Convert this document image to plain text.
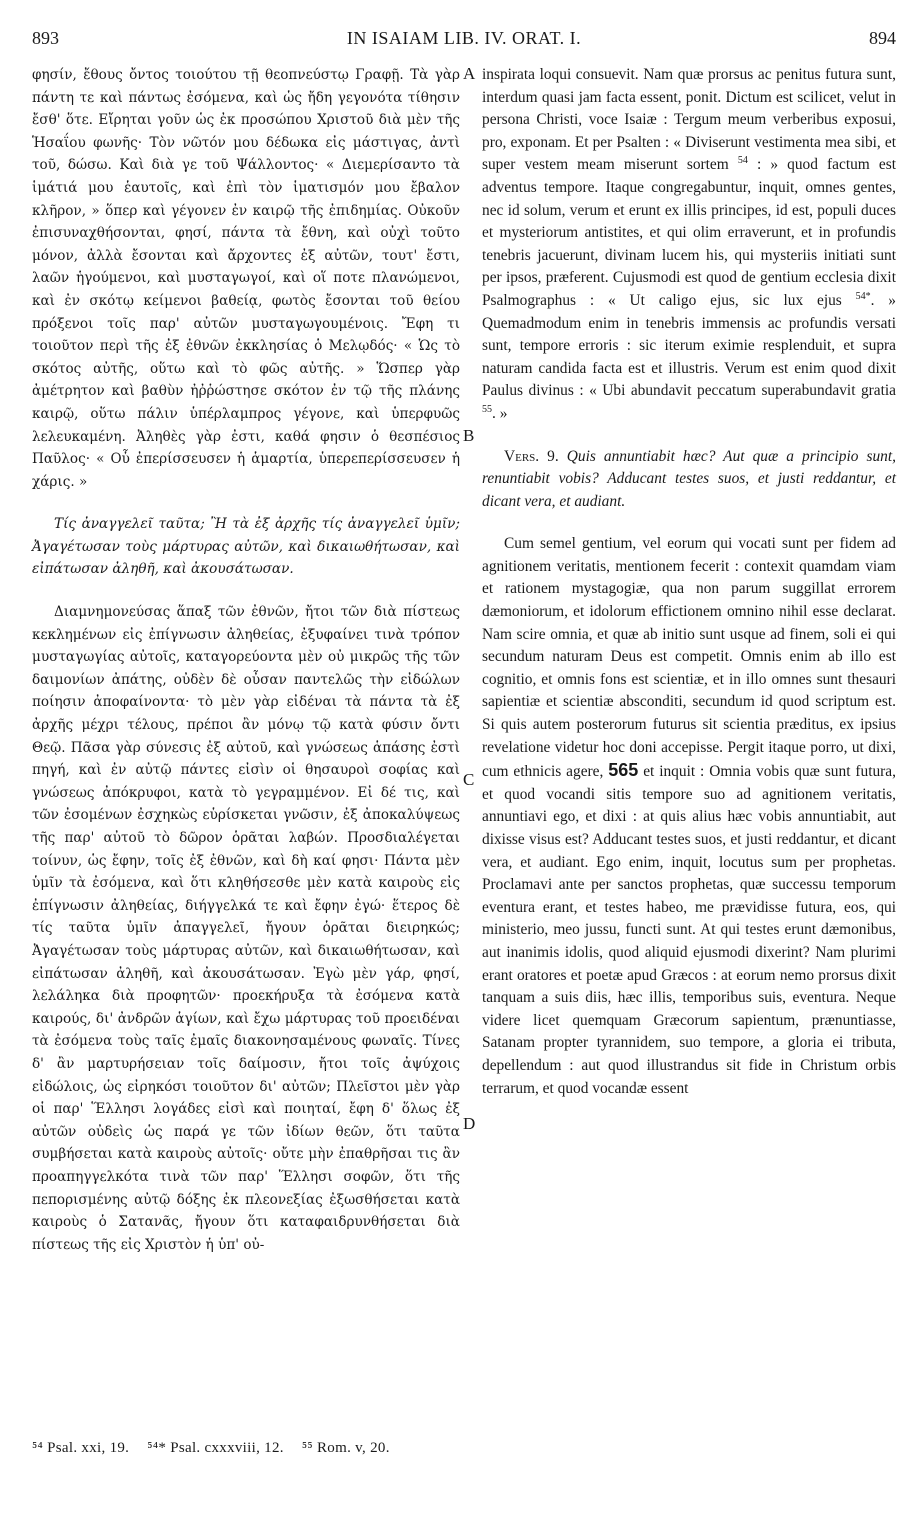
893	IN ISAIAM LIB. IV. ORAT. I.	894
A
B
C
D

φησίν, ἔθους ὄντος τοιούτου τῇ θεοπνεύστῳ Γραφῇ. Τὰ γὰρ πάντη τε καὶ πάντως ἐσόμενα, καὶ ὡς ἤδη γεγονότα τίθησιν ἔσθ' ὅτε. Εἴρηται γοῦν ὡς ἐκ προσώπου Χριστοῦ διὰ μὲν τῆς Ἡσαΐου φωνῆς· Τὸν νῶτόν μου δέδωκα εἰς μάστιγας, ἀντὶ τοῦ, δώσω. Καὶ διὰ γε τοῦ Ψάλλοντος· « Διεμερίσαντο τὰ ἱμάτιά μου ἑαυτοῖς, καὶ ἐπὶ τὸν ἱματισμόν μου ἔβαλον κλῆρον, » ὅπερ καὶ γέγονεν ἐν καιρῷ τῆς ἐπιδημίας. Οὐκοῦν ἐπισυναχθήσονται, φησί, πάντα τὰ ἔθνη, καὶ οὐχὶ τοῦτο μόνον, ἀλλὰ ἔσονται καὶ ἄρχοντες ἐξ αὐτῶν, τουτ' ἔστι, λαῶν ἡγούμενοι, καὶ μυσταγωγοί, καὶ οἵ ποτε πλανώμενοι, καὶ ἐν σκότῳ κείμενοι βαθείᾳ, φωτὸς ἔσονται τοῦ θείου πρόξενοι τοῖς παρ' αὐτῶν μυσταγωγουμένοις. Ἔφη τι τοιοῦτον περὶ τῆς ἐξ ἐθνῶν ἐκκλησίας ὁ Μελῳδός· « Ὡς τὸ σκότος αὐτῆς, οὕτω καὶ τὸ φῶς αὐτῆς. » Ὥσπερ γὰρ ἀμέτρητον καὶ βαθὺν ἠῤῥώστησε σκότον ἐν τῷ τῆς πλάνης καιρῷ, οὕτω πάλιν ὑπέρλαμπρος γέγονε, καὶ ὑπερφυῶς λελευκαμένη. Ἀληθὲς γὰρ ἐστι, καθά φησιν ὁ θεσπέσιος Παῦλος· « Οὗ ἐπερίσσευσεν ἡ ἁμαρτία, ὑπερεπερίσσευσεν ἡ χάρις. »

Τίς ἀναγγελεῖ ταῦτα; Ἢ τὰ ἐξ ἀρχῆς τίς ἀναγγελεῖ ὑμῖν; Ἀγαγέτωσαν τοὺς μάρτυρας αὐτῶν, καὶ δικαιωθήτωσαν, καὶ εἰπάτωσαν ἀληθῆ, καὶ ἀκουσάτωσαν.

Διαμνημονεύσας ἅπαξ τῶν ἐθνῶν, ἤτοι τῶν διὰ πίστεως κεκλημένων εἰς ἐπίγνωσιν ἀληθείας, ἐξυφαίνει τινὰ τρόπον μυσταγωγίας αὐτοῖς, καταγορεύοντα μὲν οὐ μικρῶς τῆς τῶν δαιμονίων ἀπάτης, οὐδὲν δὲ οὖσαν παντελῶς τὴν εἰδώλων ποίησιν ἀποφαίνοντα· τὸ μὲν γὰρ εἰδέναι τὰ πάντα τὰ ἐξ ἀρχῆς μέχρι τέλους, πρέποι ἂν μόνῳ τῷ κατὰ φύσιν ὄντι Θεῷ. Πᾶσα γὰρ σύνεσις ἐξ αὐτοῦ, καὶ γνώσεως ἁπάσης ἐστὶ πηγή, καὶ ἐν αὐτῷ πάντες εἰσὶν οἱ θησαυροὶ σοφίας καὶ γνώσεως ἀπόκρυφοι, κατὰ τὸ γεγραμμένον. Εἰ δέ τις, καὶ τῶν ἐσομένων ἐσχηκὼς εὑρίσκεται γνῶσιν, ἐξ ἀποκαλύψεως τῆς παρ' αὐτοῦ τὸ δῶρον ὁρᾶται λαβών. Προσδιαλέγεται τοίνυν, ὡς ἔφην, τοῖς ἐξ ἐθνῶν, καὶ δὴ καί φησι· Πάντα μὲν ὑμῖν τὰ ἐσόμενα, καὶ ὅτι κληθήσεσθε μὲν κατὰ καιροὺς εἰς ἐπίγνωσιν ἀληθείας, διήγγελκά τε καὶ ἔφην ἐγώ· ἕτερος δὲ τίς ταῦτα ὑμῖν ἀπαγγελεῖ, ἤγουν ὁρᾶται διειρηκώς; Ἀγαγέτωσαν τοὺς μάρτυρας αὐτῶν, καὶ δικαιωθήτωσαν, καὶ εἰπάτωσαν ἀληθῆ, καὶ ἀκουσάτωσαν. Ἐγὼ μὲν γάρ, φησί, λελάληκα διὰ προφητῶν· προεκήρυξα τὰ ἐσόμενα κατὰ καιρούς, δι' ἀνδρῶν ἁγίων, καὶ ἔχω μάρτυρας τοῦ προειδέναι τὰ ἐσόμενα τοὺς ταῖς ἐμαῖς διακονησαμένους φωναῖς. Τίνες δ' ἂν μαρτυρήσειαν τοῖς δαίμοσιν, ἤτοι τοῖς ἀψύχοις εἰδώλοις, ὡς εἰρηκόσι τοιοῦτον δι' αὐτῶν; Πλεῖστοι μὲν γὰρ οἱ παρ' Ἕλλησι λογάδες εἰσὶ καὶ ποιηταί, ἔφη δ' ὅλως ἐξ αὐτῶν οὐδεὶς ὡς παρά γε τῶν ἰδίων θεῶν, ὅτι ταῦτα συμβήσεται κατὰ καιροὺς αὐτοῖς· οὔτε μὴν ἐπαθρῆσαι τις ἂν προαπηγγελκότα τινὰ τῶν παρ' Ἕλλησι σοφῶν, ὅτι τῆς πεπορισμένης αὐτῷ δόξης ἐκ πλεονεξίας ἐξωσθήσεται κατὰ καιροὺς ὁ Σατανᾶς, ἤγουν ὅτι καταφαιδρυνθήσεται διὰ πίστεως τῆς εἰς Χριστὸν ἡ ὑπ' οὐ-

inspirata loqui consuevit. Nam quæ prorsus ac penitus futura sunt, interdum quasi jam facta essent, ponit. Dictum est scilicet, velut in persona Christi, voce Isaiæ : Tergum meum verberibus exposui, pro, exponam. Et per Psalten : « Diviserunt vestimenta mea sibi, et super vestem meam miserunt sortem $^{54}$ : » quod factum est adventus tempore. Itaque congregabuntur, inquit, omnes gentes, nec id solum, verum et erunt ex illis principes, id est, populi duces et mysteriorum antistites, et qui olim erraverunt, et in profundis tenebris jacuerunt, divinam lucem his, qui mysteriis initiati sunt per ipsos, præferent. Cujusmodi est quod de gentium ecclesia dixit Psalmographus : « Ut caligo ejus, sic lux ejus $^{54*}$. » Quemadmodum enim in tenebris immensis ac profundis versati sunt, tempore erroris : sic iterum eximie resplenduit, et supra naturam candida facta est et illustris. Verum est enim quod dixit Paulus divinus : « Ubi abundavit peccatum superabundavit gratia $^{55}$. »

Vers. 9. Quis annuntiabit hæc? Aut quæ a principio sunt, renuntiabit vobis? Adducant testes suos, et justi reddantur, et dicant vera, et audiant.

Cum semel gentium, vel eorum qui vocati sunt per fidem ad agnitionem veritatis, mentionem fecerit : contexit quamdam viam et rationem mystagogiæ, qua non parum suggillat errorem dæmoniorum, et idolorum effictionem omnino nihil esse declarat. Nam scire omnia, et quæ ab initio sunt usque ad finem, soli ei qui secundum naturam Deus est competit. Omnis enim ab illo est cognitio, et omnis fons est scientiæ, et in illo omnes sunt thesauri sapientiæ et scientiæ absconditi, secundum id quod scriptum est. Si quis autem posterorum futurus sit scientia præditus, ex ipsius revelatione videtur hoc doni accepisse. Pergit itaque porro, ut dixi, cum ethnicis agere, 565 et inquit : Omnia vobis quæ sunt futura, et quod vocandi sitis tempore suo ad agnitionem veritatis, annuntiavi ego, et dixi : at quis alius hæc vobis annuntiabit, aut dixisse visus est? Adducant testes suos, et justi reddantur, et dicant vera, et audiant. Ego enim, inquit, locutus sum per prophetas. Proclamavi ante per sanctos prophetas, quæ successu temporum eventura erant, et testes habeo, me prævidisse futura, eos, qui ministerio, meo jussu, functi sunt. At qui testes erunt dæmonibus, aut inanimis idolis, quod aliquid ejusmodi dixerint? Nam plurimi erant oratores et poetæ apud Græcos : at eorum nemo prorsus dixit tanquam a suis diis, hæc illis, temporibus suis, eventura. Neque videre licet quemquam Græcorum sapientum, prænuntiasse, Satanam propter tyrannidem, suo tempore, a gloria ei tributa, depellendum : aut quod illustrandus sit fide in Christum orbis terrarum, et quod vocandæ essent

⁵⁴ Psal. xxi, 19. ⁵⁴* Psal. cxxxviii, 12. ⁵⁵ Rom. v, 20.
